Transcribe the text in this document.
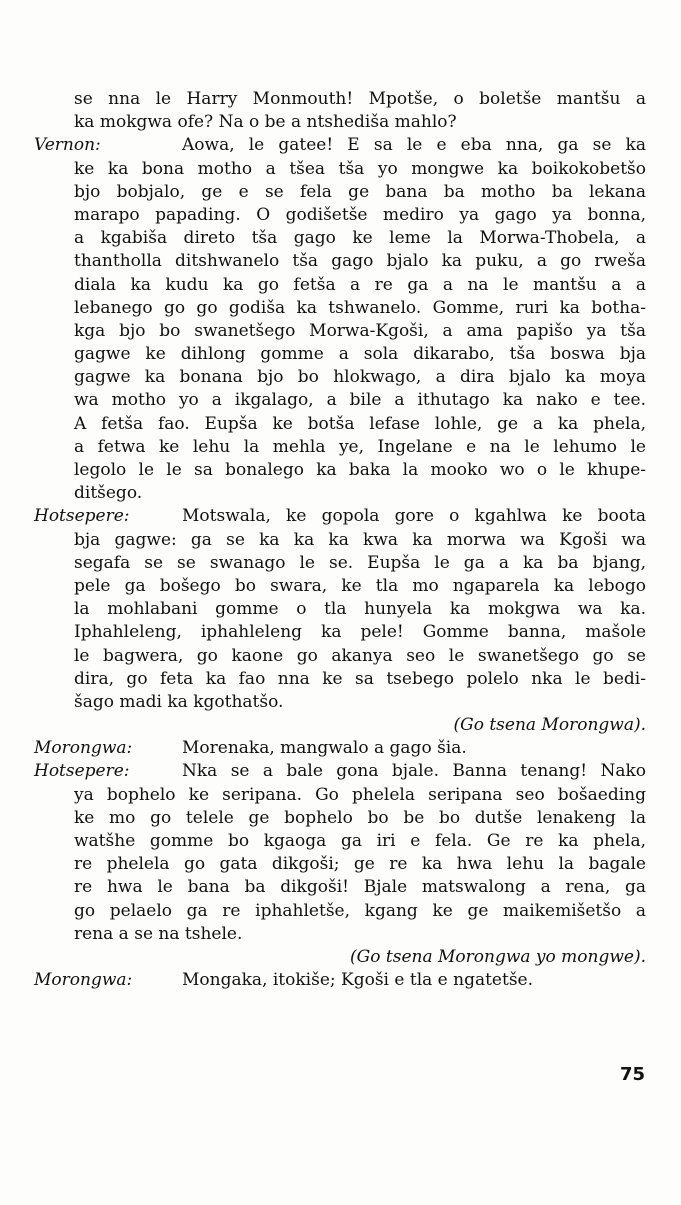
se nna le Harry Monmouth! Mpotše, o boletše mantšu a
ka mokgwa ofe? Na o be a ntshediša mahlo?
Vernon:	Aowa, le gatee! E sa le e eba nna, ga se ka
ke ka bona motho a tšea tša yo mongwe ka boikokobetšo
bjo bobjalo, ge e se fela ge bana ba motho ba lekana
marapo papading. O godišetše mediro ya gago ya bonna,
a kgabiša direto tša gago ke leme la Morwa-Thobela, a
thantholla ditshwanelo tša gago bjalo ka puku, a go rweša
diala ka kudu ka go fetša a re ga a na le mantšu a a
lebanego go go godiša ka tshwanelo. Gomme, ruri ka botha-
kga bjo bo swanetšego Morwa-Kgoši, a ama papišo ya tša
gagwe ke dihlong gomme a sola dikarabo, tša boswa bja
gagwe ka bonana bjo bo hlokwago, a dira bjalo ka moya
wa motho yo a ikgalago, a bile a ithutago ka nako e tee.
A fetša fao. Eupša ke botša lefase lohle, ge a ka phela,
a fetwa ke lehu la mehla ye, Ingelane e na le lehumo le
legolo le le sa bonalego ka baka la mooko wo o le khupe-
ditšego.
Hotsepere:	Motswala, ke gopola gore o kgahlwa ke boota
bja gagwe: ga se ka ka ka kwa ka morwa wa Kgoši wa
segafa se se swanago le se. Eupša le ga a ka ba bjang,
pele ga bošego bo swara, ke tla mo ngaparela ka lebogo
la mohlabani gomme o tla hunyela ka mokgwa wa ka.
Iphahleleng, iphahleleng ka pele! Gomme banna, mašole
le bagwera, go kaone go akanya seo le swanetšego go se
dira, go feta ka fao nna ke sa tsebego polelo nka le bedi-
šago madi ka kgothatšo.
(Go tsena Morongwa).
Morongwa:	Morenaka, mangwalo a gago šia.
Hotsepere:	Nka se a bale gona bjale. Banna tenang! Nako
ya bophelo ke seripana. Go phelela seripana seo bošaeding
ke mo go telele ge bophelo bo be bo dutše lenakeng la
watšhe gomme bo kgaoga ga iri e fela. Ge re ka phela,
re phelela go gata dikgoši; ge re ka hwa lehu la bagale
re hwa le bana ba dikgoši! Bjale matswalong a rena, ga
go pelaelo ga re iphahletše, kgang ke ge maikemišetšo a
rena a se na tshele.
(Go tsena Morongwa yo mongwe).
Morongwa:	Mongaka, itokiše; Kgoši e tla e ngatetše.
75
